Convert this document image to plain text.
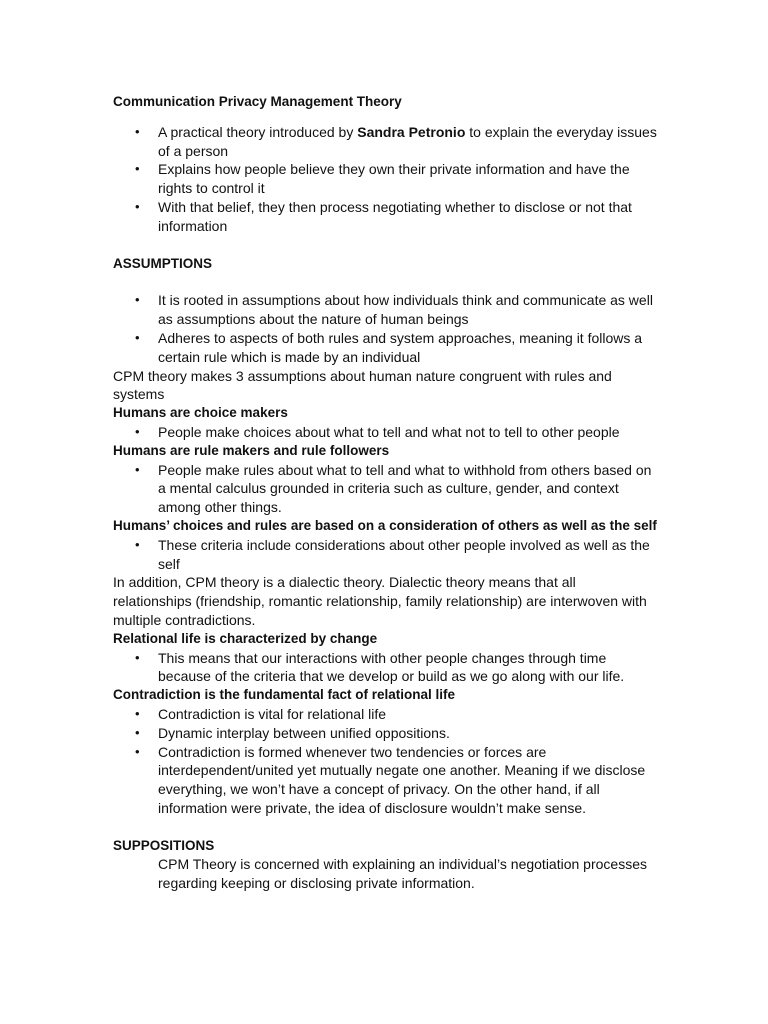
Communication Privacy Management Theory

• A practical theory introduced by Sandra Petronio to explain the everyday issues of a person
• Explains how people believe they own their private information and have the rights to control it
• With that belief, they then process negotiating whether to disclose or not that information

ASSUMPTIONS

• It is rooted in assumptions about how individuals think and communicate as well as assumptions about the nature of human beings
• Adheres to aspects of both rules and system approaches, meaning it follows a certain rule which is made by an individual

CPM theory makes 3 assumptions about human nature congruent with rules and systems

Humans are choice makers

• People make choices about what to tell and what not to tell to other people

Humans are rule makers and rule followers

• People make rules about what to tell and what to withhold from others based on a mental calculus grounded in criteria such as culture, gender, and context among other things.

Humans’ choices and rules are based on a consideration of others as well as the self

• These criteria include considerations about other people involved as well as the self

In addition, CPM theory is a dialectic theory. Dialectic theory means that all relationships (friendship, romantic relationship, family relationship) are interwoven with multiple contradictions.

Relational life is characterized by change

• This means that our interactions with other people changes through time because of the criteria that we develop or build as we go along with our life.

Contradiction is the fundamental fact of relational life

• Contradiction is vital for relational life
• Dynamic interplay between unified oppositions.
• Contradiction is formed whenever two tendencies or forces are interdependent/united yet mutually negate one another. Meaning if we disclose everything, we won’t have a concept of privacy. On the other hand, if all information were private, the idea of disclosure wouldn’t make sense.

SUPPOSITIONS

CPM Theory is concerned with explaining an individual’s negotiation processes regarding keeping or disclosing private information.
